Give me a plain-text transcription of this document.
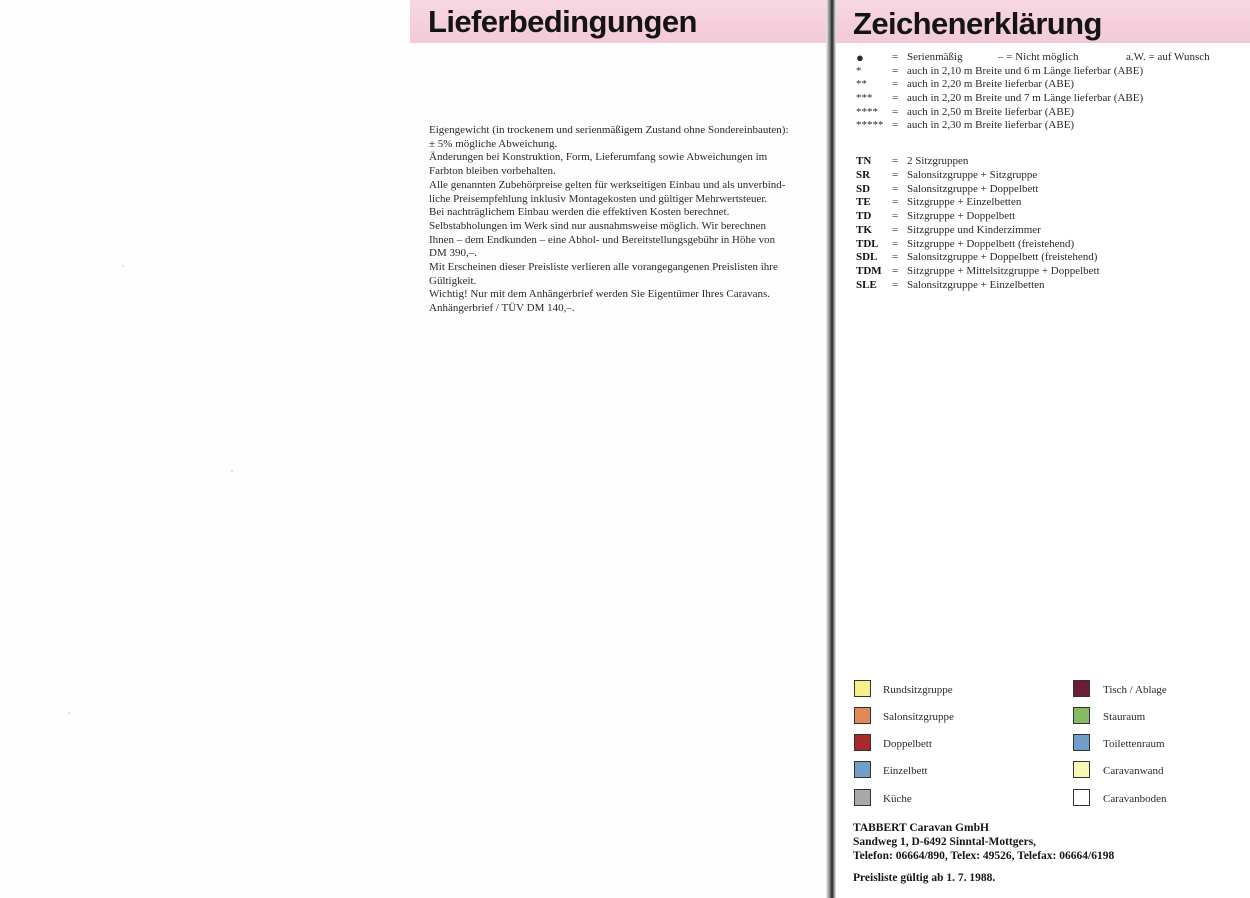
Lieferbedingungen	Zeichenerklärung

Eigengewicht (in trockenem und serienmäßigem Zustand ohne Sondereinbauten):

± 5% mögliche Abweichung.

Änderungen bei Konstruktion, Form, Lieferumfang sowie Abweichungen im

Farbton bleiben vorbehalten.

Alle genannten Zubehörpreise gelten für werkseitigen Einbau und als unverbind-

liche Preisempfehlung inklusiv Montagekosten und gültiger Mehrwertsteuer.

Bei nachträglichem Einbau werden die effektiven Kosten berechnet.

Selbstabholungen im Werk sind nur ausnahmsweise möglich. Wir berechnen

Ihnen – dem Endkunden – eine Abhol- und Bereitstellungsgebühr in Höhe von

DM 390,–.

Mit Erscheinen dieser Preisliste verlieren alle vorangegangenen Preislisten ihre

Gültigkeit.

Wichtig! Nur mit dem Anhängerbrief werden Sie Eigentümer Ihres Caravans.

Anhängerbrief / TÜV DM 140,–.

●	= Serienmäßig	– = Nicht möglich	a.W. = auf Wunsch
*	= auch in 2,10 m Breite und 6 m Länge lieferbar (ABE)
**	= auch in 2,20 m Breite lieferbar (ABE)
***	= auch in 2,20 m Breite und 7 m Länge lieferbar (ABE)
****	= auch in 2,50 m Breite lieferbar (ABE)
***** = auch in 2,30 m Breite lieferbar (ABE)
TN = 2 Sitzgruppen
SR = Salonsitzgruppe + Sitzgruppe
SD = Salonsitzgruppe + Doppelbett
TE = Sitzgruppe + Einzelbetten
TD = Sitzgruppe + Doppelbett
TK = Sitzgruppe und Kinderzimmer
TDL = Sitzgruppe + Doppelbett (freistehend)
SDL = Salonsitzgruppe + Doppelbett (freistehend)
TDM = Sitzgruppe + Mittelsitzgruppe + Doppelbett
SLE = Salonsitzgruppe + Einzelbetten
Rundsitzgruppe
Salonsitzgruppe
Doppelbett
Einzelbett
Küche
Tisch / Ablage
Stauraum
Toilettenraum
Caravanwand
Caravanboden
TABBERT Caravan GmbH
Sandweg 1, D-6492 Sinntal-Mottgers,
Telefon: 06664/890, Telex: 49526, Telefax: 06664/6198
Preisliste gültig ab 1. 7. 1988.
